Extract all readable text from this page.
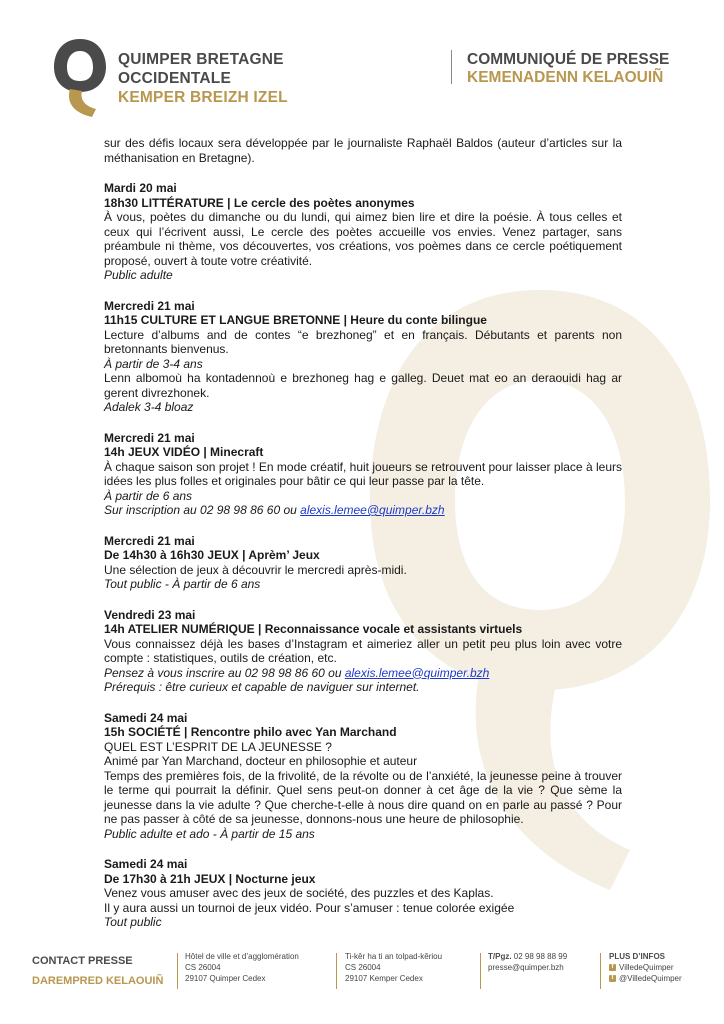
QUIMPER BRETAGNE
OCCIDENTALE
KEMPER BREIZH IZEL
COMMUNIQUÉ DE PRESSE
KEMENADENN KELAOUIÑ

sur des défis locaux sera développée par le journaliste Raphaël Baldos (auteur d’articles sur la méthanisation en Bretagne).

Mardi 20 mai

18h30 LITTÉRATURE | Le cercle des poètes anonymes

À vous, poètes du dimanche ou du lundi, qui aimez bien lire et dire la poésie. À tous celles et ceux qui l’écrivent aussi, Le cercle des poètes accueille vos envies. Venez partager, sans préambule ni thème, vos découvertes, vos créations, vos poèmes dans ce cercle poétiquement proposé, ouvert à toute votre créativité.

Public adulte

Mercredi 21 mai

11h15 CULTURE ET LANGUE BRETONNE | Heure du conte bilingue

Lecture d’albums and de contes “e brezhoneg” et en français. Débutants et parents non bretonnants bienvenus.

À partir de 3-4 ans

Lenn albomoù ha kontadennoù e brezhoneg hag e galleg. Deuet mat eo an deraouidi hag ar gerent divrezhonek.

Adalek 3-4 bloaz

Mercredi 21 mai

14h JEUX VIDÉO | Minecraft

À chaque saison son projet ! En mode créatif, huit joueurs se retrouvent pour laisser place à leurs idées les plus folles et originales pour bâtir ce qui leur passe par la tête.

À partir de 6 ans

Sur inscription au 02 98 98 86 60 ou alexis.lemee@quimper.bzh

Mercredi 21 mai

De 14h30 à 16h30 JEUX | Aprèm’ Jeux

Une sélection de jeux à découvrir le mercredi après-midi.

Tout public - À partir de 6 ans

Vendredi 23 mai

14h ATELIER NUMÉRIQUE | Reconnaissance vocale et assistants virtuels

Vous connaissez déjà les bases d’Instagram et aimeriez aller un petit peu plus loin avec votre compte : statistiques, outils de création, etc.

Pensez à vous inscrire au 02 98 98 86 60 ou alexis.lemee@quimper.bzh

Prérequis : être curieux et capable de naviguer sur internet.

Samedi 24 mai

15h SOCIÉTÉ | Rencontre philo avec Yan Marchand

QUEL EST L’ESPRIT DE LA JEUNESSE ?

Animé par Yan Marchand, docteur en philosophie et auteur

Temps des premières fois, de la frivolité, de la révolte ou de l’anxiété, la jeunesse peine à trouver le terme qui pourrait la définir. Quel sens peut-on donner à cet âge de la vie ? Que sème la jeunesse dans la vie adulte ? Que cherche-t-elle à nous dire quand on en parle au passé ? Pour ne pas passer à côté de sa jeunesse, donnons-nous une heure de philosophie.

Public adulte et ado - À partir de 15 ans

Samedi 24 mai

De 17h30 à 21h JEUX | Nocturne jeux

Venez vous amuser avec des jeux de société, des puzzles et des Kaplas.

Il y aura aussi un tournoi de jeux vidéo. Pour s’amuser : tenue colorée exigée

Tout public

CONTACT PRESSE
DAREMPRED KELAOUIÑ
Hôtel de ville et d’agglomération
CS 26004
29107 Quimper Cedex
Ti-kêr ha ti an tolpad-kêriou
CS 26004
29107 Kemper Cedex
T/Pgz. 02 98 98 88 99
presse@quimper.bzh
PLUS D’INFOS
f VilledeQuimper
t @VilledeQuimper
